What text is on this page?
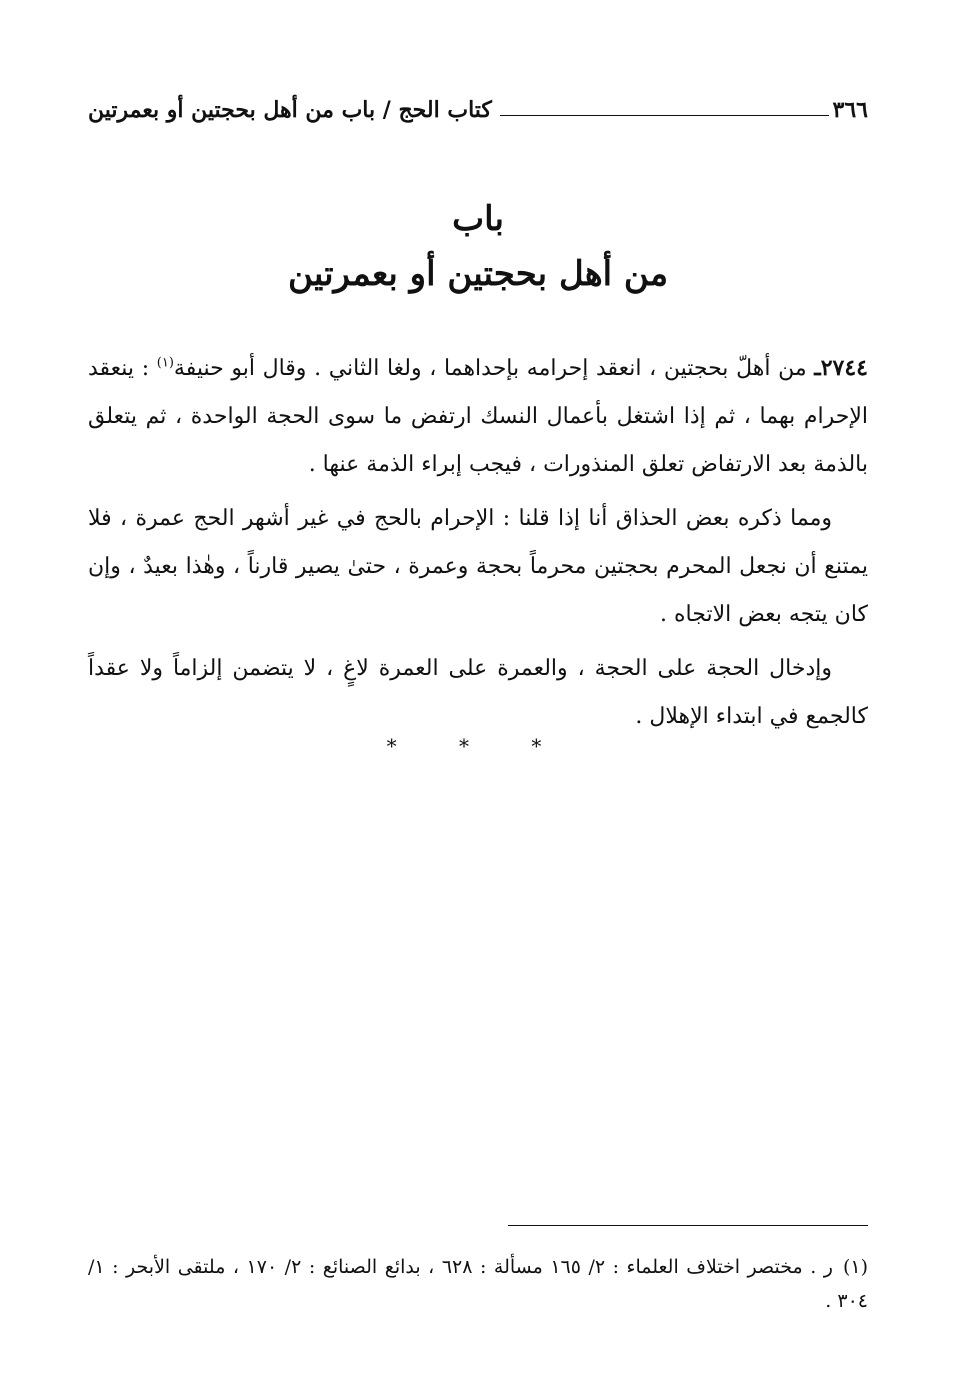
٣٦٦
كتاب الحج / باب من أهل بحجتين أو بعمرتين
باب
من أهل بحجتين أو بعمرتين

٢٧٤٤ـ من أهلّ بحجتين ، انعقد إحرامه بإحداهما ، ولغا الثاني . وقال أبو حنيفة$^{(١)}$ : ينعقد الإحرام بهما ، ثم إذا اشتغل بأعمال النسك ارتفض ما سوى الحجة الواحدة ، ثم يتعلق بالذمة بعد الارتفاض تعلق المنذورات ، فيجب إبراء الذمة عنها .

ومما ذكره بعض الحذاق أنا إذا قلنا : الإحرام بالحج في غير أشهر الحج عمرة ، فلا يمتنع أن نجعل المحرم بحجتين محرماً بحجة وعمرة ، حتىٰ يصير قارناً ، وهٰذا بعيدٌ ، وإن كان يتجه بعض الاتجاه .

وإدخال الحجة على الحجة ، والعمرة على العمرة لاغٍ ، لا يتضمن إلزاماً ولا عقداً كالجمع في ابتداء الإهلال .

* * *

(١)ر . مختصر اختلاف العلماء : ٢/ ١٦٥ مسألة : ٦٢٨ ، بدائع الصنائع : ٢/ ١٧٠ ، ملتقى الأبحر : ١/ ٣٠٤ .
